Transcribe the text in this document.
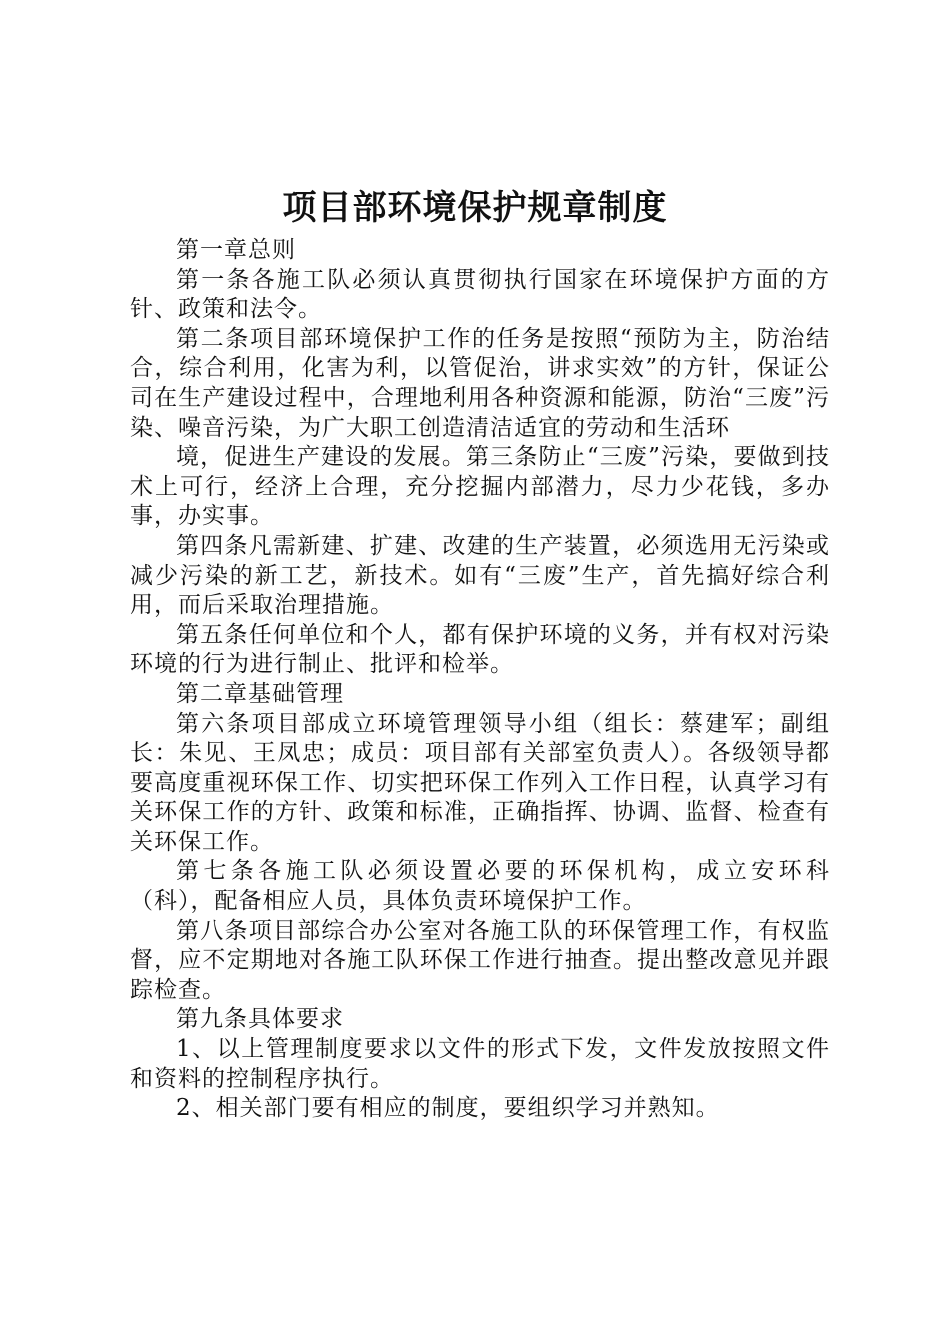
项目部环境保护规章制度

第一章总则

第一条各施工队必须认真贯彻执行国家在环境保护方面的方针、政策和法令。

第二条项目部环境保护工作的任务是按照“预防为主，防治结合，综合利用，化害为利，以管促治，讲求实效”的方针，保证公司在生产建设过程中，合理地利用各种资源和能源，防治“三废”污染、噪音污染，为广大职工创造清洁适宜的劳动和生活环

境，促进生产建设的发展。第三条防止“三废”污染，要做到技术上可行，经济上合理，充分挖掘内部潜力，尽力少花钱，多办事，办实事。

第四条凡需新建、扩建、改建的生产装置，必须选用无污染或减少污染的新工艺，新技术。如有“三废”生产，首先搞好综合利用，而后采取治理措施。

第五条任何单位和个人，都有保护环境的义务，并有权对污染环境的行为进行制止、批评和检举。

第二章基础管理

第六条项目部成立环境管理领导小组（组长：蔡建军；副组长：朱见、王凤忠；成员：项目部有关部室负责人）。各级领导都要高度重视环保工作、切实把环保工作列入工作日程，认真学习有关环保工作的方针、政策和标准，正确指挥、协调、监督、检查有关环保工作。

第七条各施工队必须设置必要的环保机构，成立安环科（科），配备相应人员，具体负责环境保护工作。

第八条项目部综合办公室对各施工队的环保管理工作，有权监督，应不定期地对各施工队环保工作进行抽查。提出整改意见并跟踪检查。

第九条具体要求

1、以上管理制度要求以文件的形式下发，文件发放按照文件和资料的控制程序执行。

2、相关部门要有相应的制度，要组织学习并熟知。
